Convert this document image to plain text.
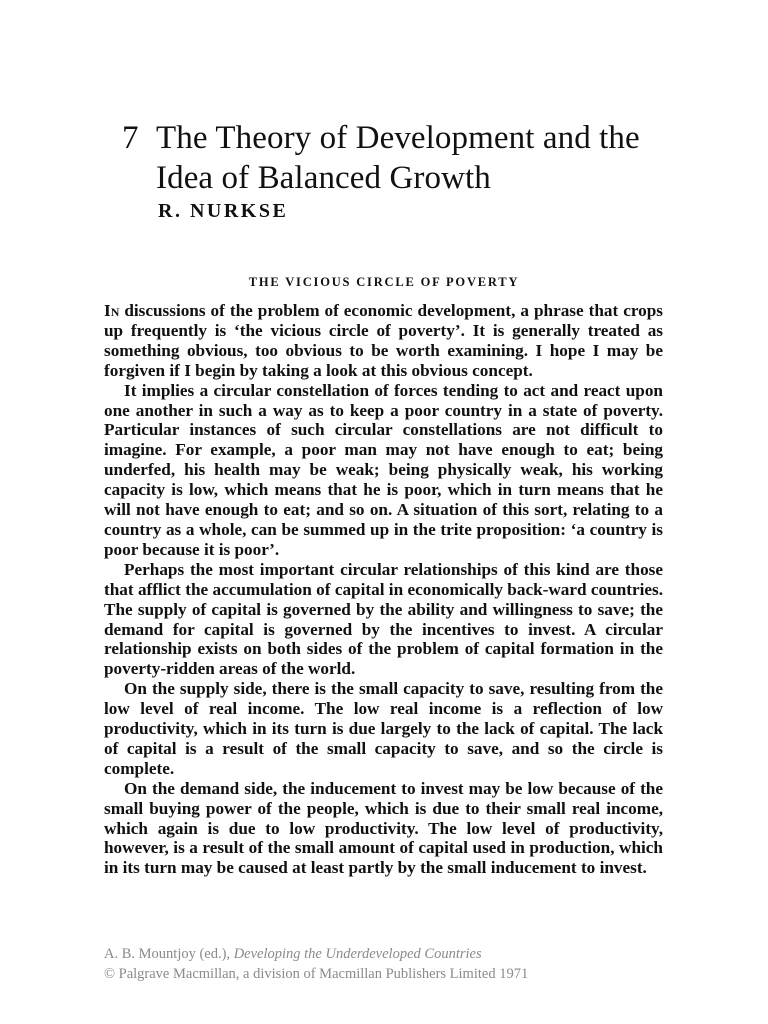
7 The Theory of Development and the Idea of Balanced Growth
R. NURKSE
THE VICIOUS CIRCLE OF POVERTY

In discussions of the problem of economic development, a phrase that crops up frequently is ‘the vicious circle of poverty’. It is generally treated as something obvious, too obvious to be worth examining. I hope I may be forgiven if I begin by taking a look at this obvious concept.

It implies a circular constellation of forces tending to act and react upon one another in such a way as to keep a poor country in a state of poverty. Particular instances of such circular constellations are not difficult to imagine. For example, a poor man may not have enough to eat; being underfed, his health may be weak; being physically weak, his working capacity is low, which means that he is poor, which in turn means that he will not have enough to eat; and so on. A situation of this sort, relating to a country as a whole, can be summed up in the trite proposition: ‘a country is poor because it is poor’.

Perhaps the most important circular relationships of this kind are those that afflict the accumulation of capital in economically back-ward countries. The supply of capital is governed by the ability and willingness to save; the demand for capital is governed by the incentives to invest. A circular relationship exists on both sides of the problem of capital formation in the poverty-ridden areas of the world.

On the supply side, there is the small capacity to save, resulting from the low level of real income. The low real income is a reflection of low productivity, which in its turn is due largely to the lack of capital. The lack of capital is a result of the small capacity to save, and so the circle is complete.

On the demand side, the inducement to invest may be low because of the small buying power of the people, which is due to their small real income, which again is due to low productivity. The low level of productivity, however, is a result of the small amount of capital used in production, which in its turn may be caused at least partly by the small inducement to invest.

A. B. Mountjoy (ed.), Developing the Underdeveloped Countries
© Palgrave Macmillan, a division of Macmillan Publishers Limited 1971
